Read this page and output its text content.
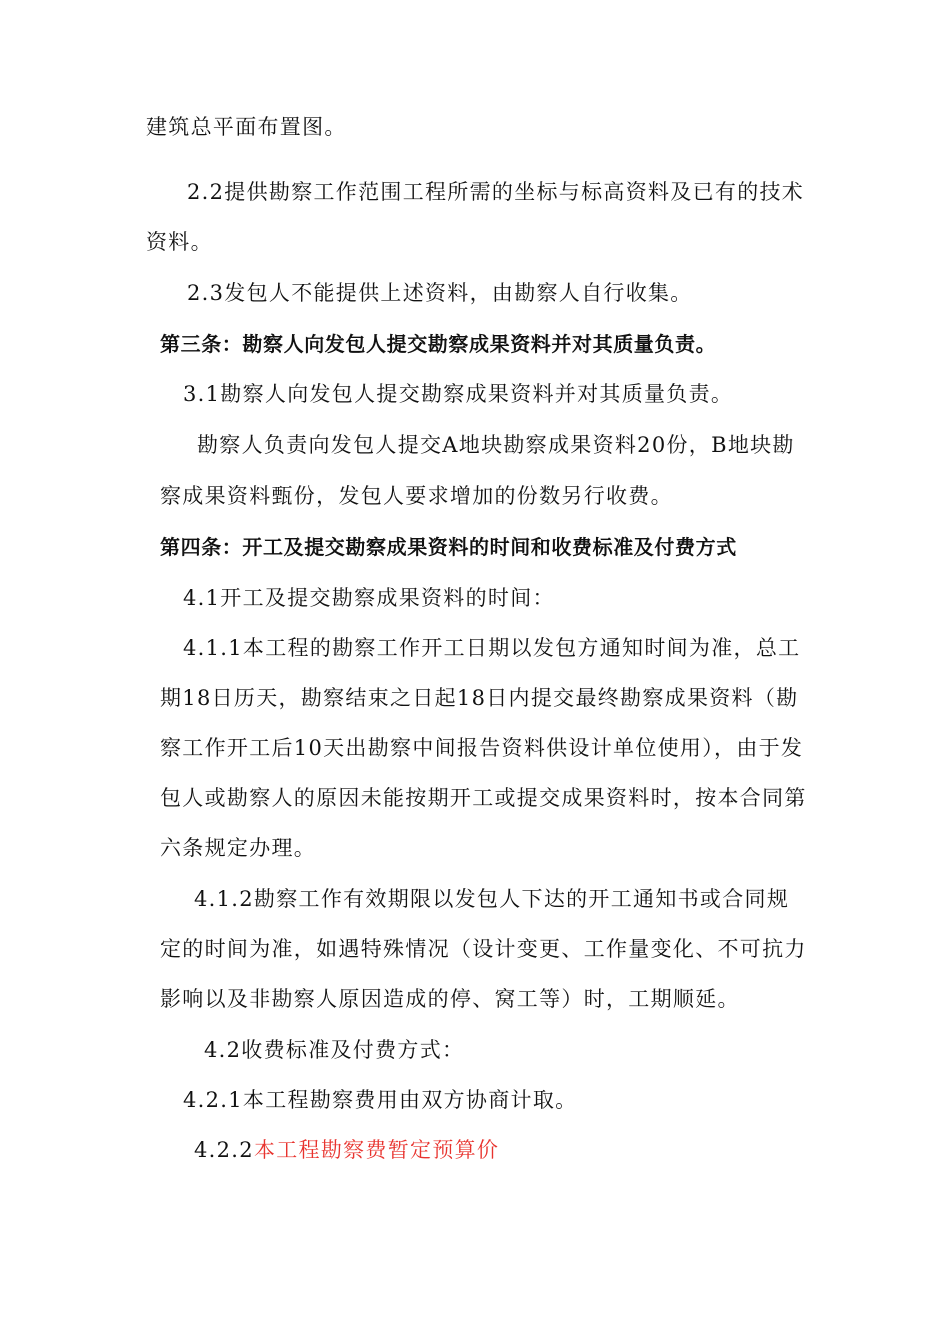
建筑总平面布置图。
2.2提供勘察工作范围工程所需的坐标与标高资料及已有的技术
资料。
2.3发包人不能提供上述资料，由勘察人自行收集。
第三条：勘察人向发包人提交勘察成果资料并对其质量负责。
3.1勘察人向发包人提交勘察成果资料并对其质量负责。
勘察人负责向发包人提交A地块勘察成果资料20份，B地块勘
察成果资料甄份，发包人要求增加的份数另行收费。
第四条：开工及提交勘察成果资料的时间和收费标准及付费方式
4.1开工及提交勘察成果资料的时间：
4.1.1本工程的勘察工作开工日期以发包方通知时间为准，总工
期18日历天，勘察结束之日起18日内提交最终勘察成果资料（勘
察工作开工后10天出勘察中间报告资料供设计单位使用），由于发
包人或勘察人的原因未能按期开工或提交成果资料时，按本合同第
六条规定办理。
4.1.2勘察工作有效期限以发包人下达的开工通知书或合同规
定的时间为准，如遇特殊情况（设计变更、工作量变化、不可抗力
影响以及非勘察人原因造成的停、窝工等）时，工期顺延。
4.2收费标准及付费方式：
4.2.1本工程勘察费用由双方协商计取。
4.2.2本工程勘察费暂定预算价
